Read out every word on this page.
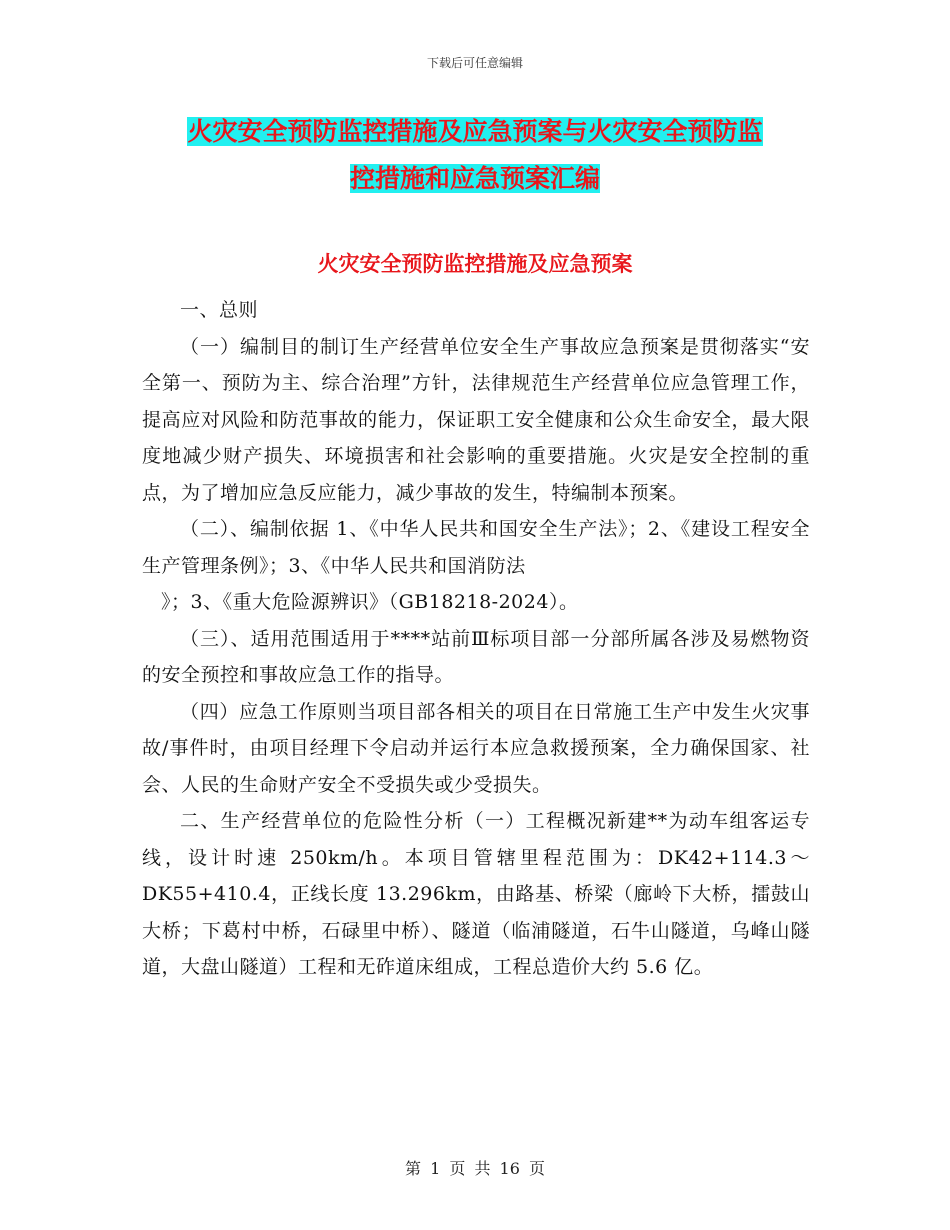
下载后可任意编辑
火灾安全预防监控措施及应急预案与火灾安全预防监
控措施和应急预案汇编
火灾安全预防监控措施及应急预案

一、总则

（一）编制目的制订生产经营单位安全生产事故应急预案是贯彻落实“安全第一、预防为主、综合治理”方针，法律规范生产经营单位应急管理工作，提高应对风险和防范事故的能力，保证职工安全健康和公众生命安全，最大限度地减少财产损失、环境损害和社会影响的重要措施。火灾是安全控制的重点，为了增加应急反应能力，减少事故的发生，特编制本预案。

（二）、编制依据 1、《中华人民共和国安全生产法》；2、《建设工程安全生产管理条例》；3、《中华人民共和国消防法

》；3、《重大危险源辨识》（GB18218-2024）。

（三）、适用范围适用于****站前Ⅲ标项目部一分部所属各涉及易燃物资的安全预控和事故应急工作的指导。

（四）应急工作原则当项目部各相关的项目在日常施工生产中发生火灾事故/事件时，由项目经理下令启动并运行本应急救援预案，全力确保国家、社会、人民的生命财产安全不受损失或少受损失。

二、生产经营单位的危险性分析（一）工程概况新建**为动车组客运专线，设计时速 250km/h。本项目管辖里程范围为：DK42+114.3～DK55+410.4，正线长度 13.296km，由路基、桥梁（廊岭下大桥，擂鼓山大桥；下葛村中桥，石碌里中桥）、隧道（临浦隧道，石牛山隧道，乌峰山隧道，大盘山隧道）工程和无砟道床组成，工程总造价大约 5.6 亿。

第 1 页 共 16 页
